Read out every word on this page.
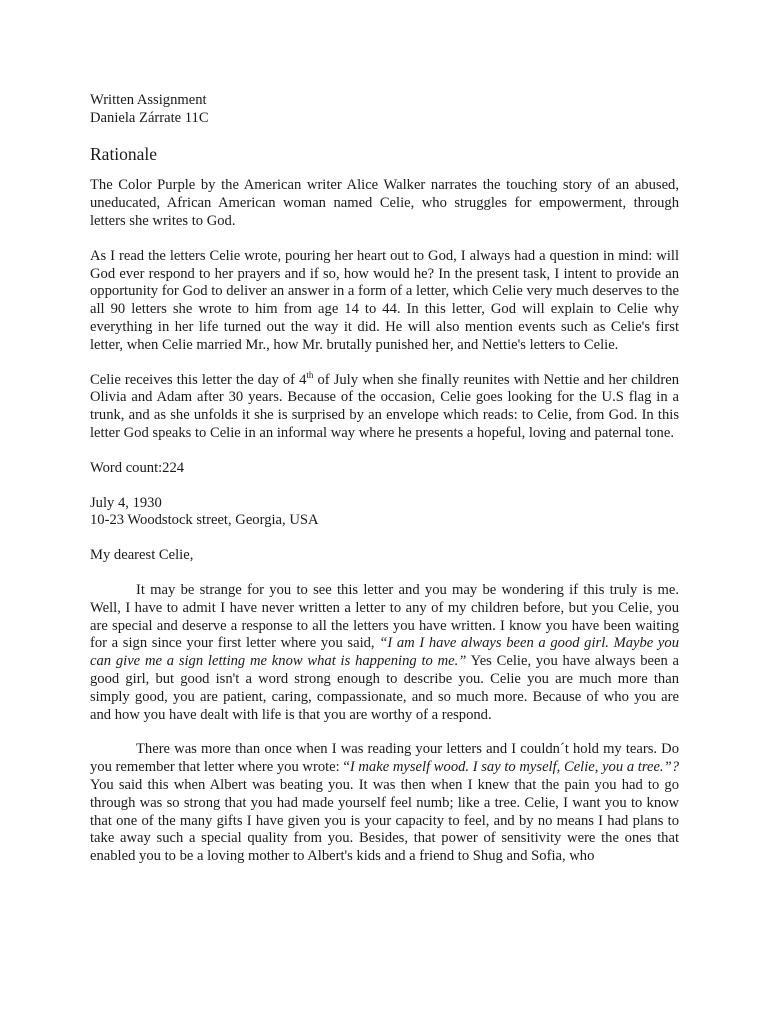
Written Assignment

Daniela Zárrate 11C

Rationale

The Color Purple by the American writer Alice Walker narrates the touching story of an abused, uneducated, African American woman named Celie, who struggles for empowerment, through letters she writes to God.

As I read the letters Celie wrote, pouring her heart out to God, I always had a question in mind: will God ever respond to her prayers and if so, how would he? In the present task, I intent to provide an opportunity for God to deliver an answer in a form of a letter, which Celie very much deserves to the all 90 letters she wrote to him from age 14 to 44. In this letter, God will explain to Celie why everything in her life turned out the way it did. He will also mention events such as Celie's first letter, when Celie married Mr., how Mr. brutally punished her, and Nettie's letters to Celie.

Celie receives this letter the day of 4th of July when she finally reunites with Nettie and her children Olivia and Adam after 30 years. Because of the occasion, Celie goes looking for the U.S flag in a trunk, and as she unfolds it she is surprised by an envelope which reads: to Celie, from God. In this letter God speaks to Celie in an informal way where he presents a hopeful, loving and paternal tone.

Word count:224

July 4, 1930

10-23 Woodstock street, Georgia, USA

My dearest Celie,

It may be strange for you to see this letter and you may be wondering if this truly is me. Well, I have to admit I have never written a letter to any of my children before, but you Celie, you are special and deserve a response to all the letters you have written. I know you have been waiting for a sign since your first letter where you said, “I am I have always been a good girl. Maybe you can give me a sign letting me know what is happening to me.” Yes Celie, you have always been a good girl, but good isn't a word strong enough to describe you. Celie you are much more than simply good, you are patient, caring, compassionate, and so much more. Because of who you are and how you have dealt with life is that you are worthy of a respond.

There was more than once when I was reading your letters and I couldn´t hold my tears. Do you remember that letter where you wrote: “I make myself wood. I say to myself, Celie, you a tree.”? You said this when Albert was beating you. It was then when I knew that the pain you had to go through was so strong that you had made yourself feel numb; like a tree. Celie, I want you to know that one of the many gifts I have given you is your capacity to feel, and by no means I had plans to take away such a special quality from you. Besides, that power of sensitivity were the ones that enabled you to be a loving mother to Albert's kids and a friend to Shug and Sofia, who
